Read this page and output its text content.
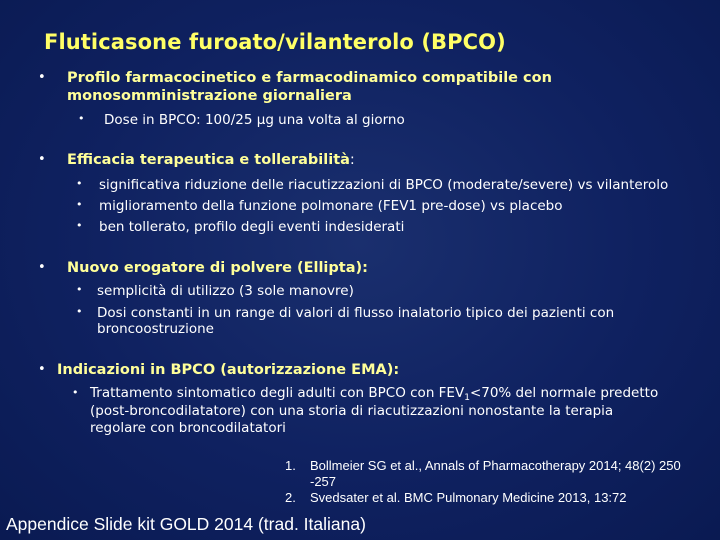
Fluticasone furoato/vilanterolo (BPCO)
• Profilo farmacocinetico e farmacodinamico compatibile con
monosomministrazione giornaliera
• Dose in BPCO: 100/25 µg una volta al giorno
• Efficacia terapeutica e tollerabilità:
• significativa riduzione delle riacutizzazioni di BPCO (moderate/severe) vs vilanterolo
• miglioramento della funzione polmonare (FEV1 pre-dose) vs placebo
• ben tollerato, profilo degli eventi indesiderati
• Nuovo erogatore di polvere (Ellipta):
• semplicità di utilizzo (3 sole manovre)
• Dosi constanti in un range di valori di flusso inalatorio tipico dei pazienti con
broncoostruzione
• Indicazioni in BPCO (autorizzazione EMA):
• Trattamento sintomatico degli adulti con BPCO con $FEV_1<70\%$ del normale predetto
(post-broncodilatatore) con una storia di riacutizzazioni nonostante la terapia
regolare con broncodilatatori
1. Bollmeier SG et al., Annals of Pharmacotherapy 2014; 48(2) 250
-257
2. Svedsater et al. BMC Pulmonary Medicine 2013, 13:72
Appendice Slide kit GOLD 2014 (trad. Italiana)
